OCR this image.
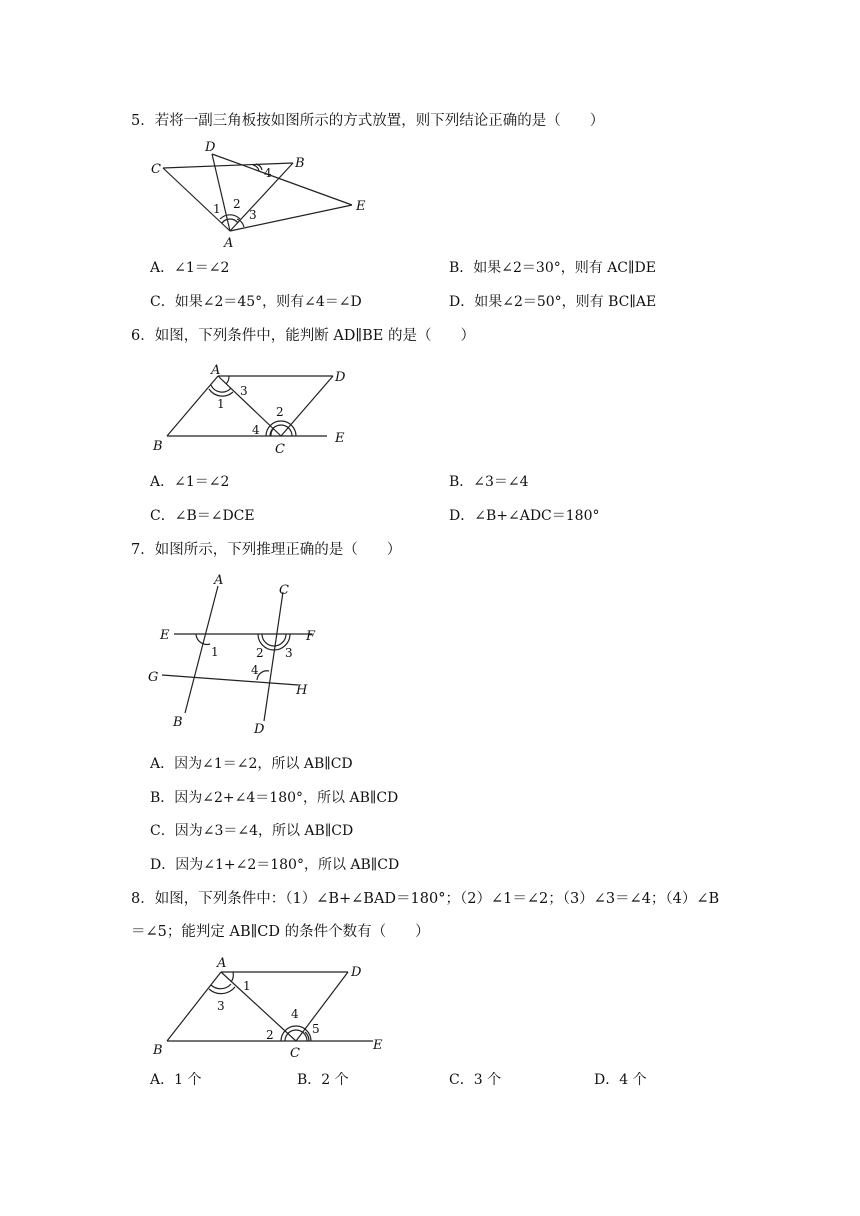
5．若将一副三角板按如图所示的方式放置，则下列结论正确的是（　　）
C
D
B
E
A
1 2
3
4
A．∠1＝∠2	B．如果∠2＝30°，则有 AC∥DE
C．如果∠2＝45°，则有∠4＝∠D	D．如果∠2＝50°，则有 BC∥AE
6．如图，下列条件中，能判断 AD∥BE 的是（　　）
A	D
B	C
E
1
2
3
4
A．∠1＝∠2	B．∠3＝∠4
C．∠B＝∠DCE	D．∠B+∠ADC＝180°
7．如图所示，下列推理正确的是（　　）
A
C
E	F
G
H
B	D
1	2 3
4
A．因为∠1＝∠2，所以 AB∥CD
B．因为∠2+∠4＝180°，所以 AB∥CD
C．因为∠3＝∠4，所以 AB∥CD
D．因为∠1+∠2＝180°，所以 AB∥CD
8．如图，下列条件中：（1）∠B+∠BAD＝180°；（2）∠1＝∠2；（3）∠3＝∠4；（4）∠B
＝∠5；能判定 AB∥CD 的条件个数有（　　）
A
D
B	C
E
1
2
3
4
5
A．1 个	B．2 个	C．3 个	D．4 个
